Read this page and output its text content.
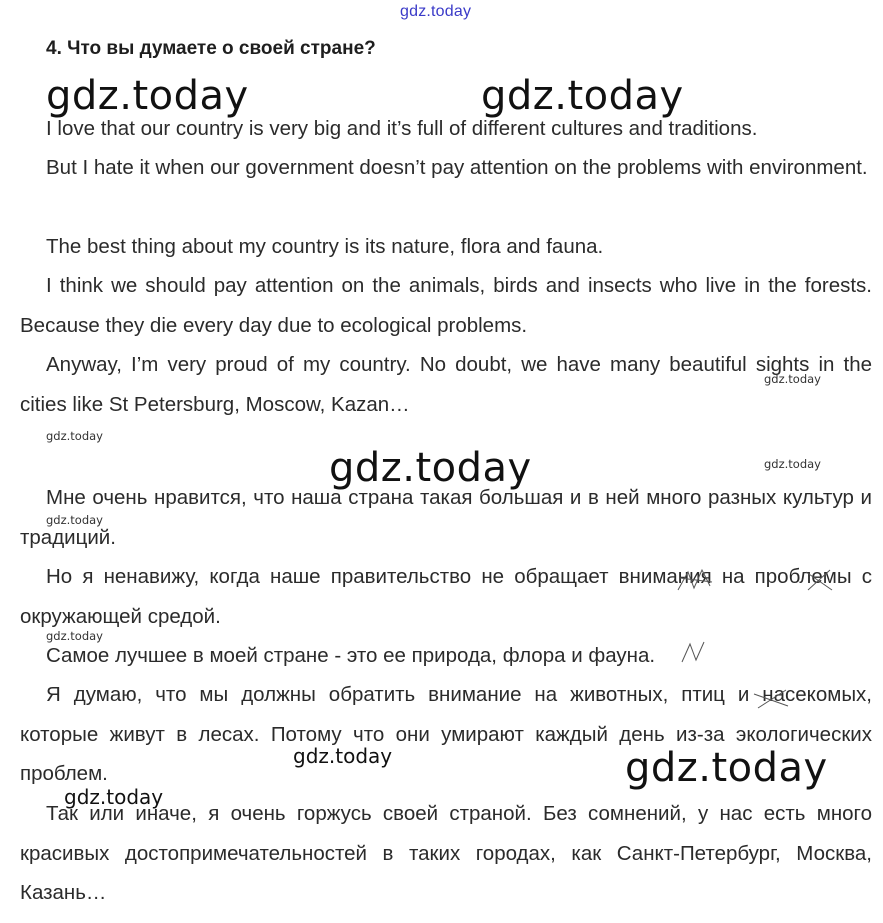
gdz.today
4. Что вы думаете о своей стране?

I love that our country is very big and it’s full of different cultures and traditions.

But I hate it when our government doesn’t pay attention on the problems with environment.

The best thing about my country is its nature, flora and fauna.

I think we should pay attention on the animals, birds and insects who live in the forests. Because they die every day due to ecological problems.

Anyway, I’m very proud of my country. No doubt, we have many beautiful sights in the cities like St Petersburg, Moscow, Kazan…

Мне очень нравится, что наша страна такая большая и в ней много разных культур и традиций.

Но я ненавижу, когда наше правительство не обращает внимания на проблемы с окружающей средой.

Самое лучшее в моей стране - это ее природа, флора и фауна.

Я думаю, что мы должны обратить внимание на животных, птиц и насекомых, которые живут в лесах. Потому что они умирают каждый день из-за экологических проблем.

Так или иначе, я очень горжусь своей страной. Без сомнений, у нас есть много красивых достопримечательностей в таких городах, как Санкт-Петербург, Москва, Казань…

gdz.today	gdz.today
gdz.today
gdz.today
gdz.today
gdz.today
gdz.today
gdz.today
gdz.today
gdz.today
gdz.today
